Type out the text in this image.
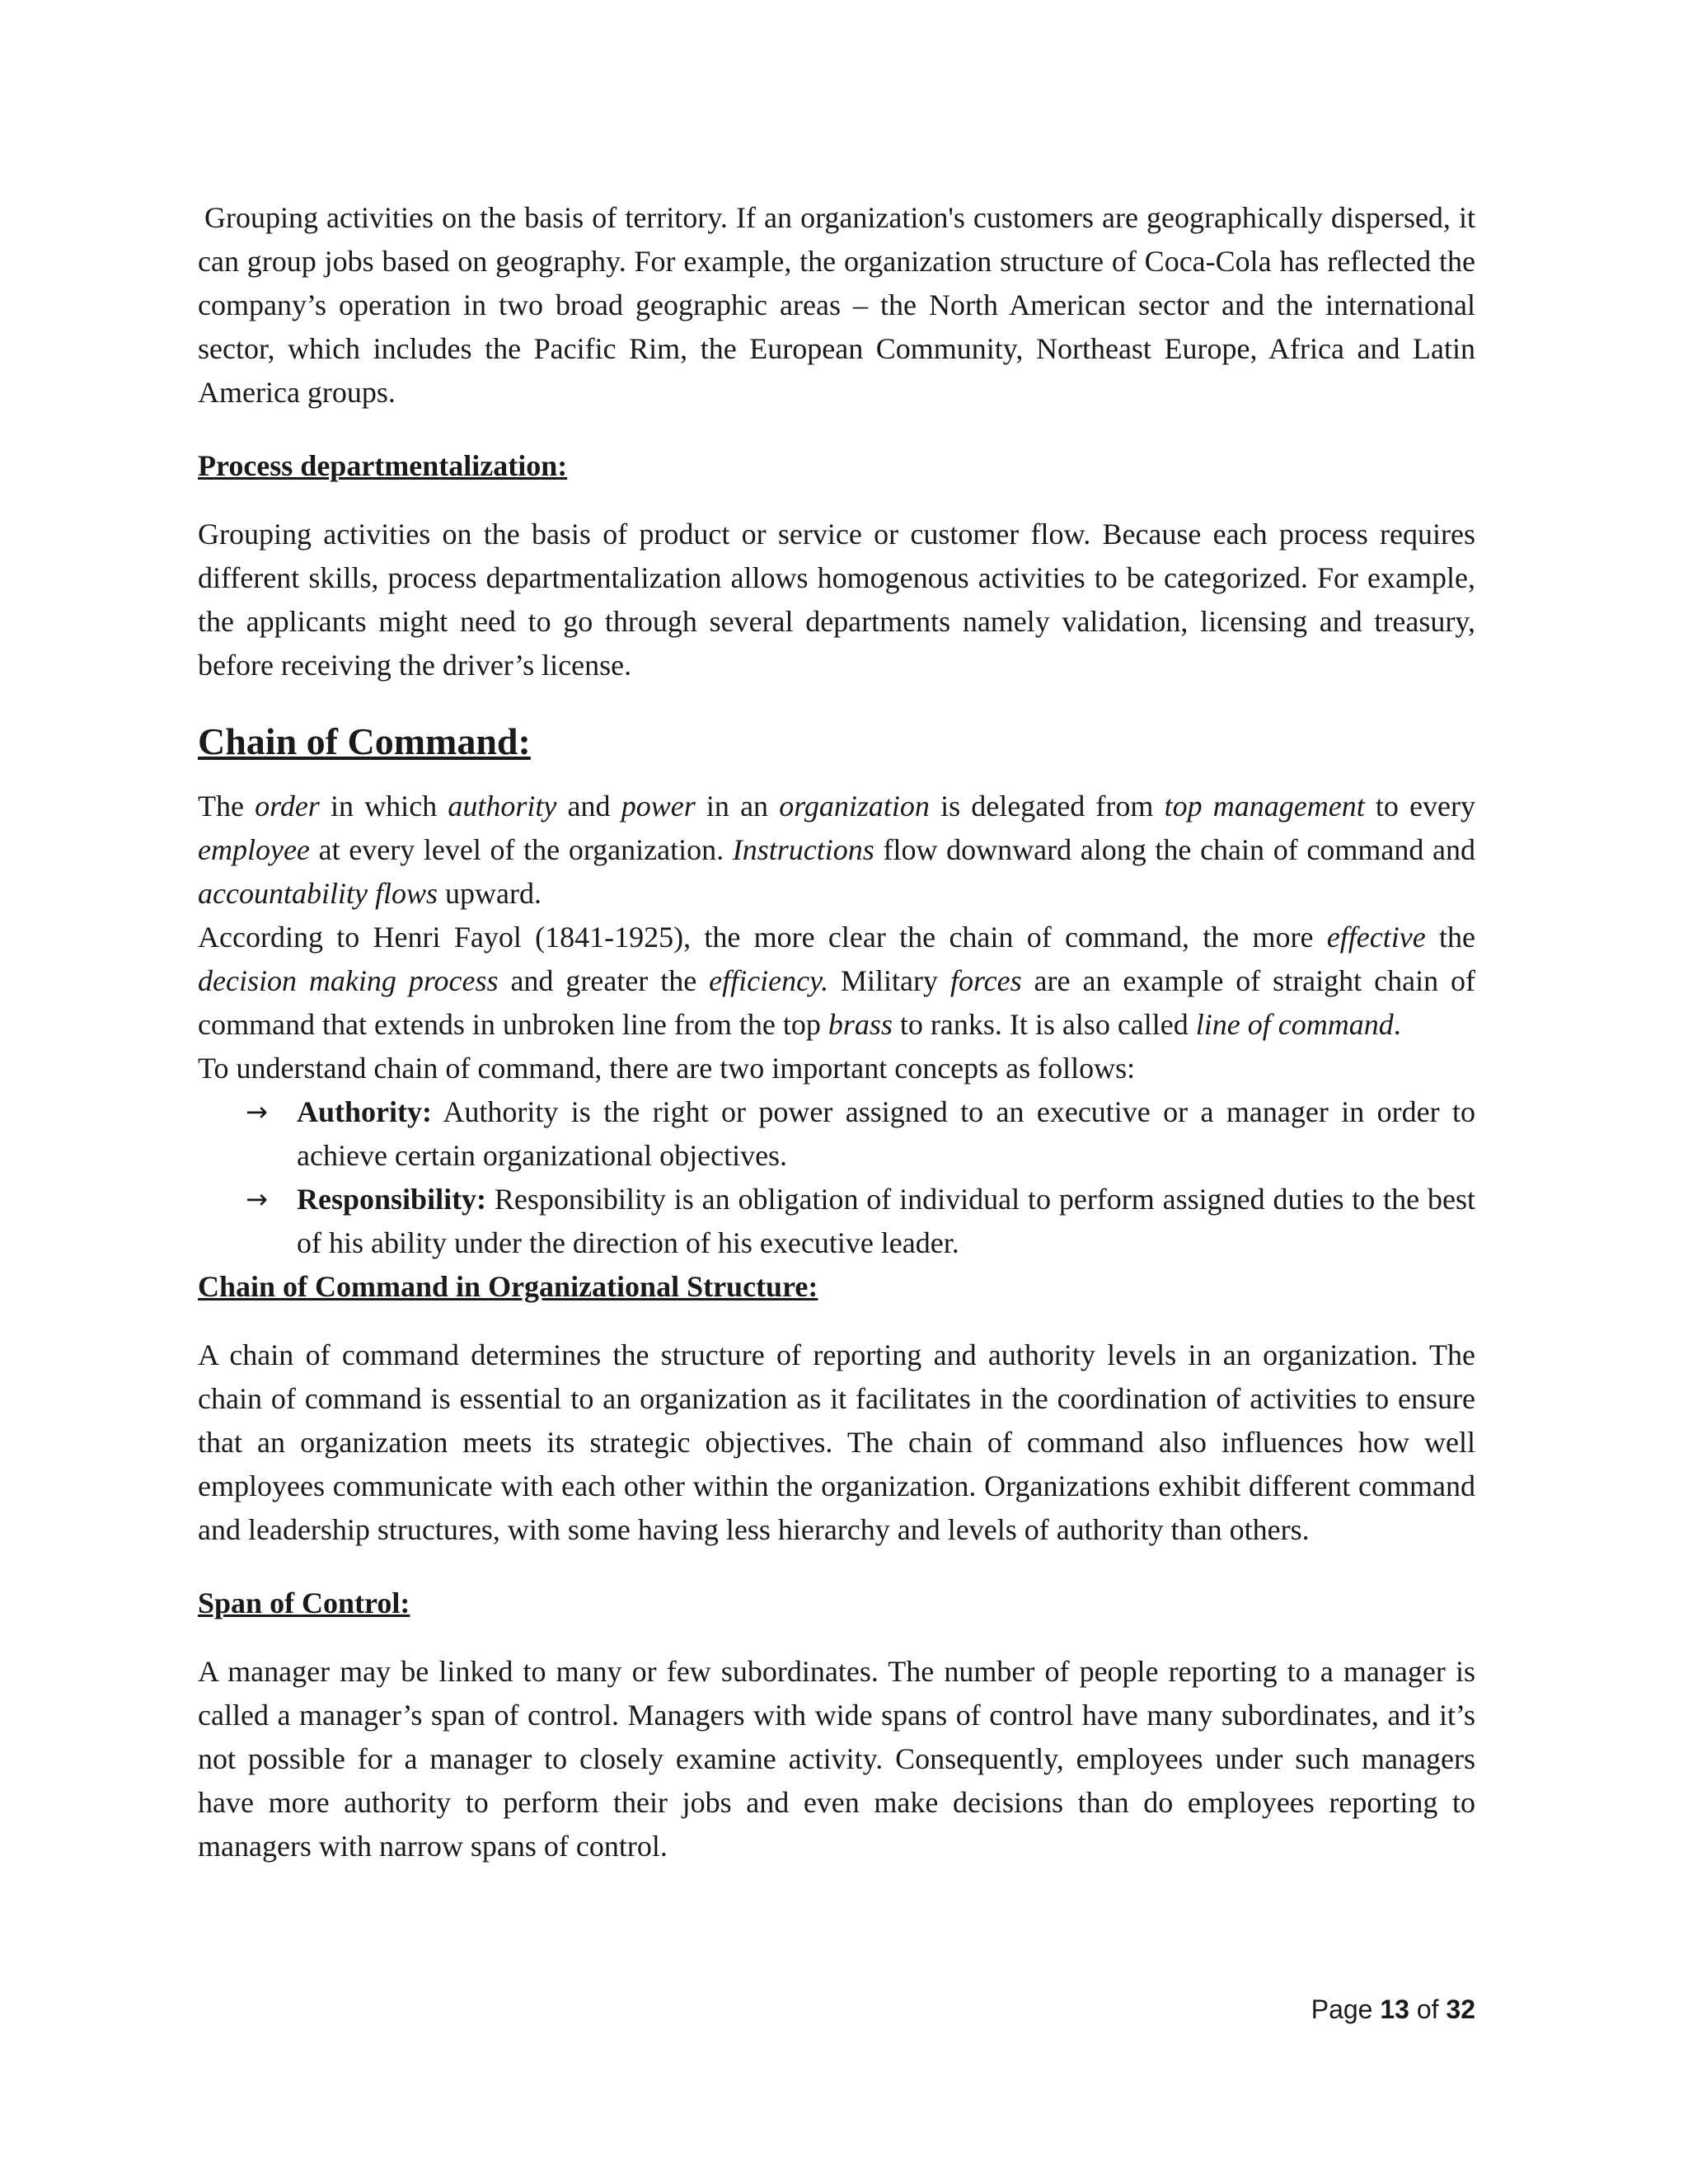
Grouping activities on the basis of territory. If an organization's customers are geographically dispersed, it can group jobs based on geography. For example, the organization structure of Coca-Cola has reflected the company’s operation in two broad geographic areas – the North American sector and the international sector, which includes the Pacific Rim, the European Community, Northeast Europe, Africa and Latin America groups.

Process departmentalization:

Grouping activities on the basis of product or service or customer flow. Because each process requires different skills, process departmentalization allows homogenous activities to be categorized. For example, the applicants might need to go through several departments namely validation, licensing and treasury, before receiving the driver’s license.

Chain of Command:

The order in which authority and power in an organization is delegated from top management to every employee at every level of the organization. Instructions flow downward along the chain of command and accountability flows upward.

According to Henri Fayol (1841-1925), the more clear the chain of command, the more effective the decision making process and greater the efficiency. Military forces are an example of straight chain of command that extends in unbroken line from the top brass to ranks. It is also called line of command.

To understand chain of command, there are two important concepts as follows:

→ Authority: Authority is the right or power assigned to an executive or a manager in order to achieve certain organizational objectives.
→ Responsibility: Responsibility is an obligation of individual to perform assigned duties to the best of his ability under the direction of his executive leader.
Chain of Command in Organizational Structure:

A chain of command determines the structure of reporting and authority levels in an organization. The chain of command is essential to an organization as it facilitates in the coordination of activities to ensure that an organization meets its strategic objectives. The chain of command also influences how well employees communicate with each other within the organization. Organizations exhibit different command and leadership structures, with some having less hierarchy and levels of authority than others.

Span of Control:

A manager may be linked to many or few subordinates. The number of people reporting to a manager is called a manager’s span of control. Managers with wide spans of control have many subordinates, and it’s not possible for a manager to closely examine activity. Consequently, employees under such managers have more authority to perform their jobs and even make decisions than do employees reporting to managers with narrow spans of control.

Page 13 of 32
